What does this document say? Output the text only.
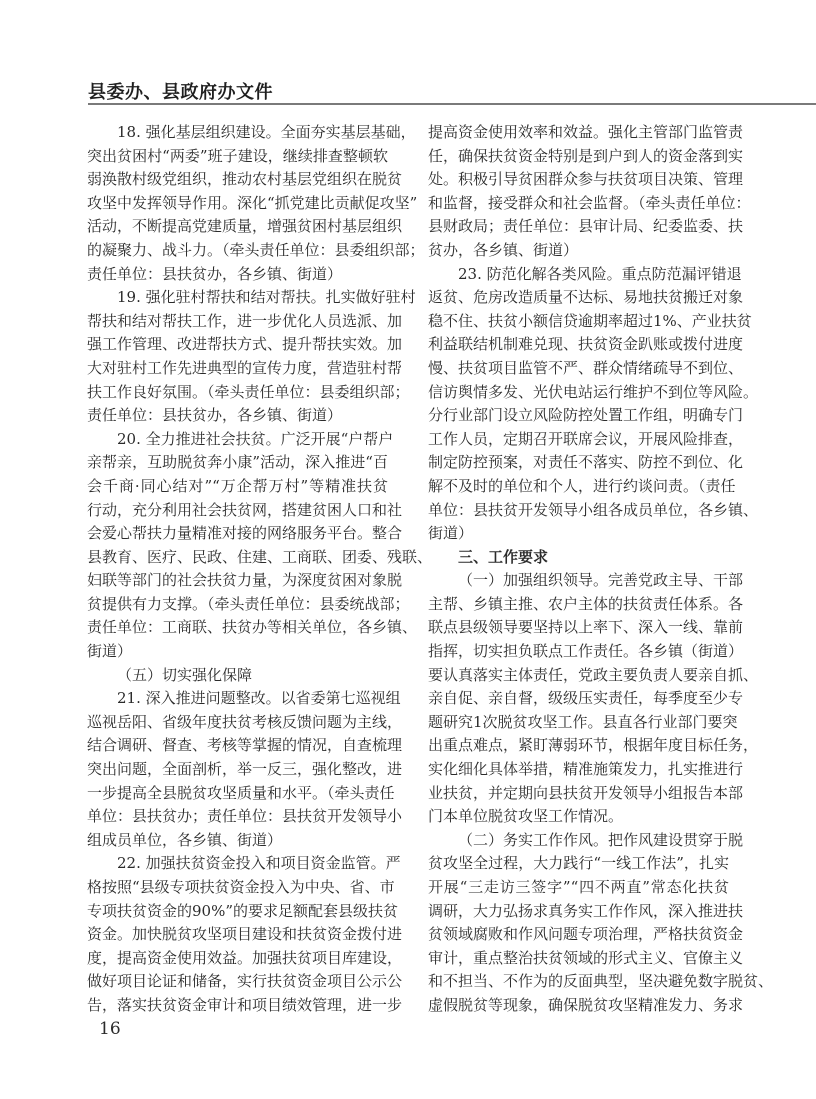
县委办、县政府办文件
18. 强化基层组织建设。全面夯实基层基础，
突出贫困村“两委”班子建设，继续排查整顿软
弱涣散村级党组织，推动农村基层党组织在脱贫
攻坚中发挥领导作用。深化“抓党建比贡献促攻坚”
活动，不断提高党建质量，增强贫困村基层组织
的凝聚力、战斗力。（牵头责任单位：县委组织部；
责任单位：县扶贫办，各乡镇、街道）
19. 强化驻村帮扶和结对帮扶。扎实做好驻村
帮扶和结对帮扶工作，进一步优化人员选派、加
强工作管理、改进帮扶方式、提升帮扶实效。加
大对驻村工作先进典型的宣传力度，营造驻村帮
扶工作良好氛围。（牵头责任单位：县委组织部；
责任单位：县扶贫办，各乡镇、街道）
20. 全力推进社会扶贫。广泛开展“户帮户
亲帮亲，互助脱贫奔小康”活动，深入推进“百
会千商·同心结对”“万企帮万村”等精准扶贫
行动，充分利用社会扶贫网，搭建贫困人口和社
会爱心帮扶力量精准对接的网络服务平台。整合
县教育、医疗、民政、住建、工商联、团委、残联、
妇联等部门的社会扶贫力量，为深度贫困对象脱
贫提供有力支撑。（牵头责任单位：县委统战部；
责任单位：工商联、扶贫办等相关单位，各乡镇、
街道）
（五）切实强化保障
21. 深入推进问题整改。以省委第七巡视组
巡视岳阳、省级年度扶贫考核反馈问题为主线，
结合调研、督查、考核等掌握的情况，自查梳理
突出问题，全面剖析，举一反三，强化整改，进
一步提高全县脱贫攻坚质量和水平。（牵头责任
单位：县扶贫办；责任单位：县扶贫开发领导小
组成员单位，各乡镇、街道）
22. 加强扶贫资金投入和项目资金监管。严
格按照“县级专项扶贫资金投入为中央、省、市
专项扶贫资金的90%”的要求足额配套县级扶贫
资金。加快脱贫攻坚项目建设和扶贫资金拨付进
度，提高资金使用效益。加强扶贫项目库建设，
做好项目论证和储备，实行扶贫资金项目公示公
告，落实扶贫资金审计和项目绩效管理，进一步
提高资金使用效率和效益。强化主管部门监管责
任，确保扶贫资金特别是到户到人的资金落到实
处。积极引导贫困群众参与扶贫项目决策、管理
和监督，接受群众和社会监督。（牵头责任单位：
县财政局；责任单位：县审计局、纪委监委、扶
贫办，各乡镇、街道）
23. 防范化解各类风险。重点防范漏评错退
返贫、危房改造质量不达标、易地扶贫搬迁对象
稳不住、扶贫小额信贷逾期率超过1%、产业扶贫
利益联结机制难兑现、扶贫资金趴账或拨付进度
慢、扶贫项目监管不严、群众情绪疏导不到位、
信访舆情多发、光伏电站运行维护不到位等风险。
分行业部门设立风险防控处置工作组，明确专门
工作人员，定期召开联席会议，开展风险排查，
制定防控预案，对责任不落实、防控不到位、化
解不及时的单位和个人，进行约谈问责。（责任
单位：县扶贫开发领导小组各成员单位，各乡镇、
街道）
三、工作要求
（一）加强组织领导。完善党政主导、干部
主帮、乡镇主推、农户主体的扶贫责任体系。各
联点县级领导要坚持以上率下、深入一线、靠前
指挥，切实担负联点工作责任。各乡镇（街道）
要认真落实主体责任，党政主要负责人要亲自抓、
亲自促、亲自督，级级压实责任，每季度至少专
题研究1次脱贫攻坚工作。县直各行业部门要突
出重点难点，紧盯薄弱环节，根据年度目标任务，
实化细化具体举措，精准施策发力，扎实推进行
业扶贫，并定期向县扶贫开发领导小组报告本部
门本单位脱贫攻坚工作情况。
（二）务实工作作风。把作风建设贯穿于脱
贫攻坚全过程，大力践行“一线工作法”，扎实
开展“三走访三签字”“四不两直”常态化扶贫
调研，大力弘扬求真务实工作作风，深入推进扶
贫领域腐败和作风问题专项治理，严格扶贫资金
审计，重点整治扶贫领域的形式主义、官僚主义
和不担当、不作为的反面典型，坚决避免数字脱贫、
虚假脱贫等现象，确保脱贫攻坚精准发力、务求
16
